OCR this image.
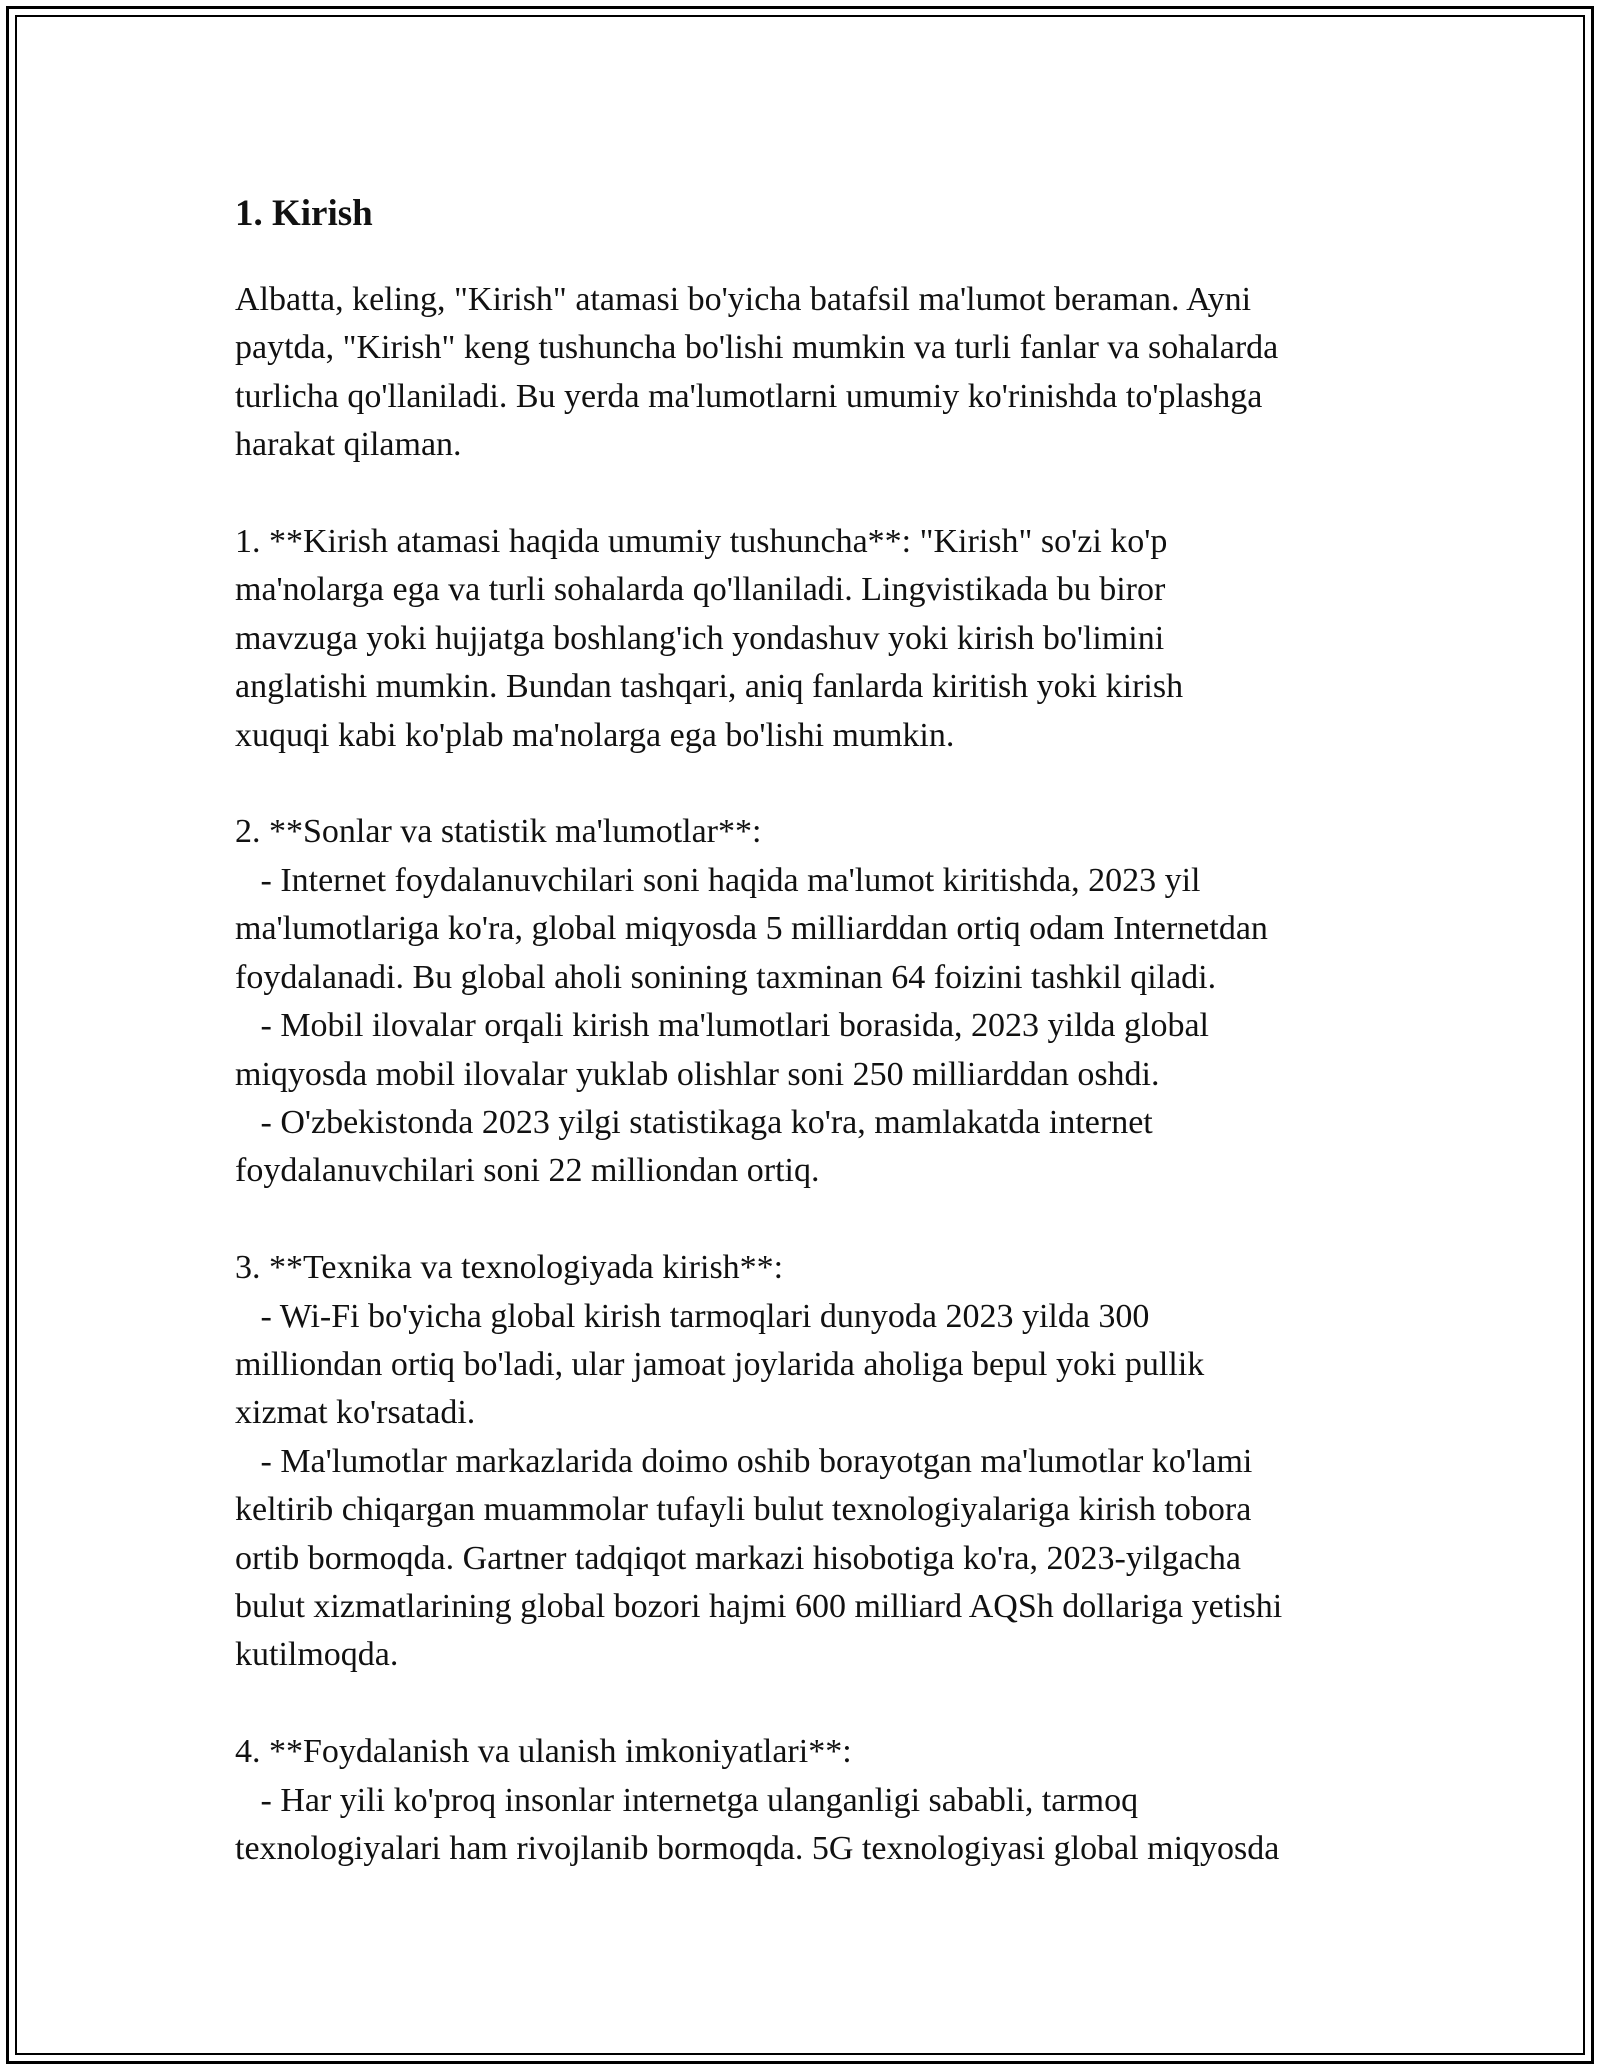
1. Kirish
Albatta, keling, "Kirish" atamasi bo'yicha batafsil ma'lumot beraman. Ayni
paytda, "Kirish" keng tushuncha bo'lishi mumkin va turli fanlar va sohalarda
turlicha qo'llaniladi. Bu yerda ma'lumotlarni umumiy ko'rinishda to'plashga
harakat qilaman.

1. **Kirish atamasi haqida umumiy tushuncha**: "Kirish" so'zi ko'p
ma'nolarga ega va turli sohalarda qo'llaniladi. Lingvistikada bu biror
mavzuga yoki hujjatga boshlang'ich yondashuv yoki kirish bo'limini
anglatishi mumkin. Bundan tashqari, aniq fanlarda kiritish yoki kirish
xuquqi kabi ko'plab ma'nolarga ega bo'lishi mumkin.

2. **Sonlar va statistik ma'lumotlar**:
- Internet foydalanuvchilari soni haqida ma'lumot kiritishda, 2023 yil
ma'lumotlariga ko'ra, global miqyosda 5 milliarddan ortiq odam Internetdan
foydalanadi. Bu global aholi sonining taxminan 64 foizini tashkil qiladi.
- Mobil ilovalar orqali kirish ma'lumotlari borasida, 2023 yilda global
miqyosda mobil ilovalar yuklab olishlar soni 250 milliarddan oshdi.
- O'zbekistonda 2023 yilgi statistikaga ko'ra, mamlakatda internet
foydalanuvchilari soni 22 milliondan ortiq.

3. **Texnika va texnologiyada kirish**:
- Wi-Fi bo'yicha global kirish tarmoqlari dunyoda 2023 yilda 300
milliondan ortiq bo'ladi, ular jamoat joylarida aholiga bepul yoki pullik
xizmat ko'rsatadi.
- Ma'lumotlar markazlarida doimo oshib borayotgan ma'lumotlar ko'lami
keltirib chiqargan muammolar tufayli bulut texnologiyalariga kirish tobora
ortib bormoqda. Gartner tadqiqot markazi hisobotiga ko'ra, 2023-yilgacha
bulut xizmatlarining global bozori hajmi 600 milliard AQSh dollariga yetishi
kutilmoqda.

4. **Foydalanish va ulanish imkoniyatlari**:
- Har yili ko'proq insonlar internetga ulanganligi sababli, tarmoq
texnologiyalari ham rivojlanib bormoqda. 5G texnologiyasi global miqyosda
